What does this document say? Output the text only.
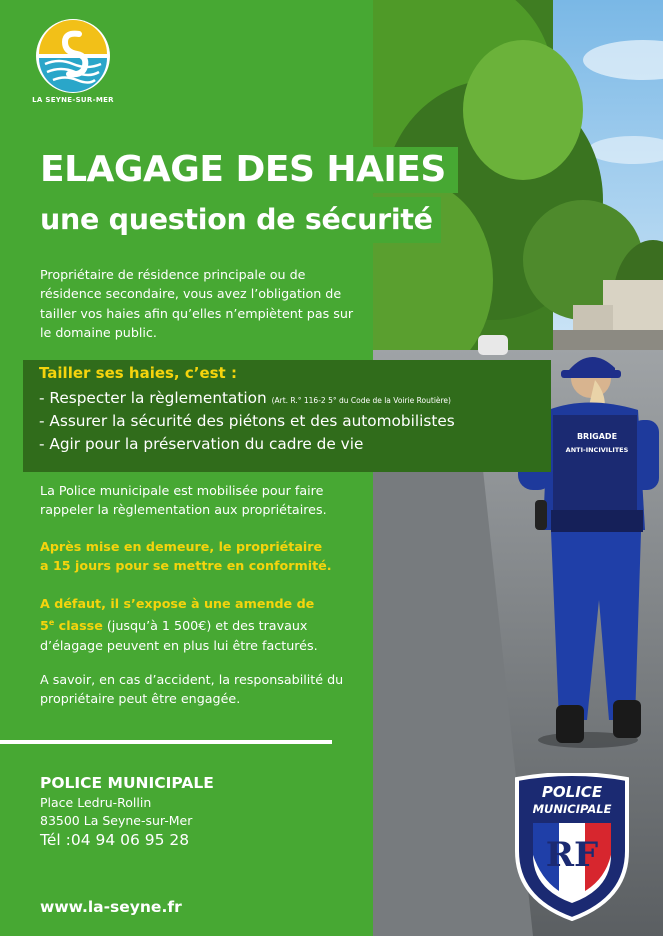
BRIGADE
ANTI-INCIVILITES
LA SEYNE-SUR-MER
ELAGAGE DES HAIES
une question de sécurité
Propriétaire de résidence principale ou de résidence secondaire, vous avez l’obligation de tailler vos haies afin qu’elles n’empiètent pas sur le domaine public.
Tailler ses haies, c’est :
- Respecter la règlementation (Art. R.° 116-2 5° du Code de la Voirie Routière)
- Assurer la sécurité des piétons et des automobilistes
- Agir pour la préservation du cadre de vie
La Police municipale est mobilisée pour faire rappeler la règlementation aux propriétaires.
Après mise en demeure, le propriétaire
a 15 jours pour se mettre en conformité.
A défaut, il s’expose à une amende de
5e classe (jusqu’à 1 500€) et des travaux
d’élagage peuvent en plus lui être facturés.
A savoir, en cas d’accident, la responsabilité du propriétaire peut être engagée.
POLICE MUNICIPALE
Place Ledru-Rollin
83500 La Seyne-sur-Mer
Tél :04 94 06 95 28
www.la-seyne.fr
POLICE
MUNICIPALE
RF
